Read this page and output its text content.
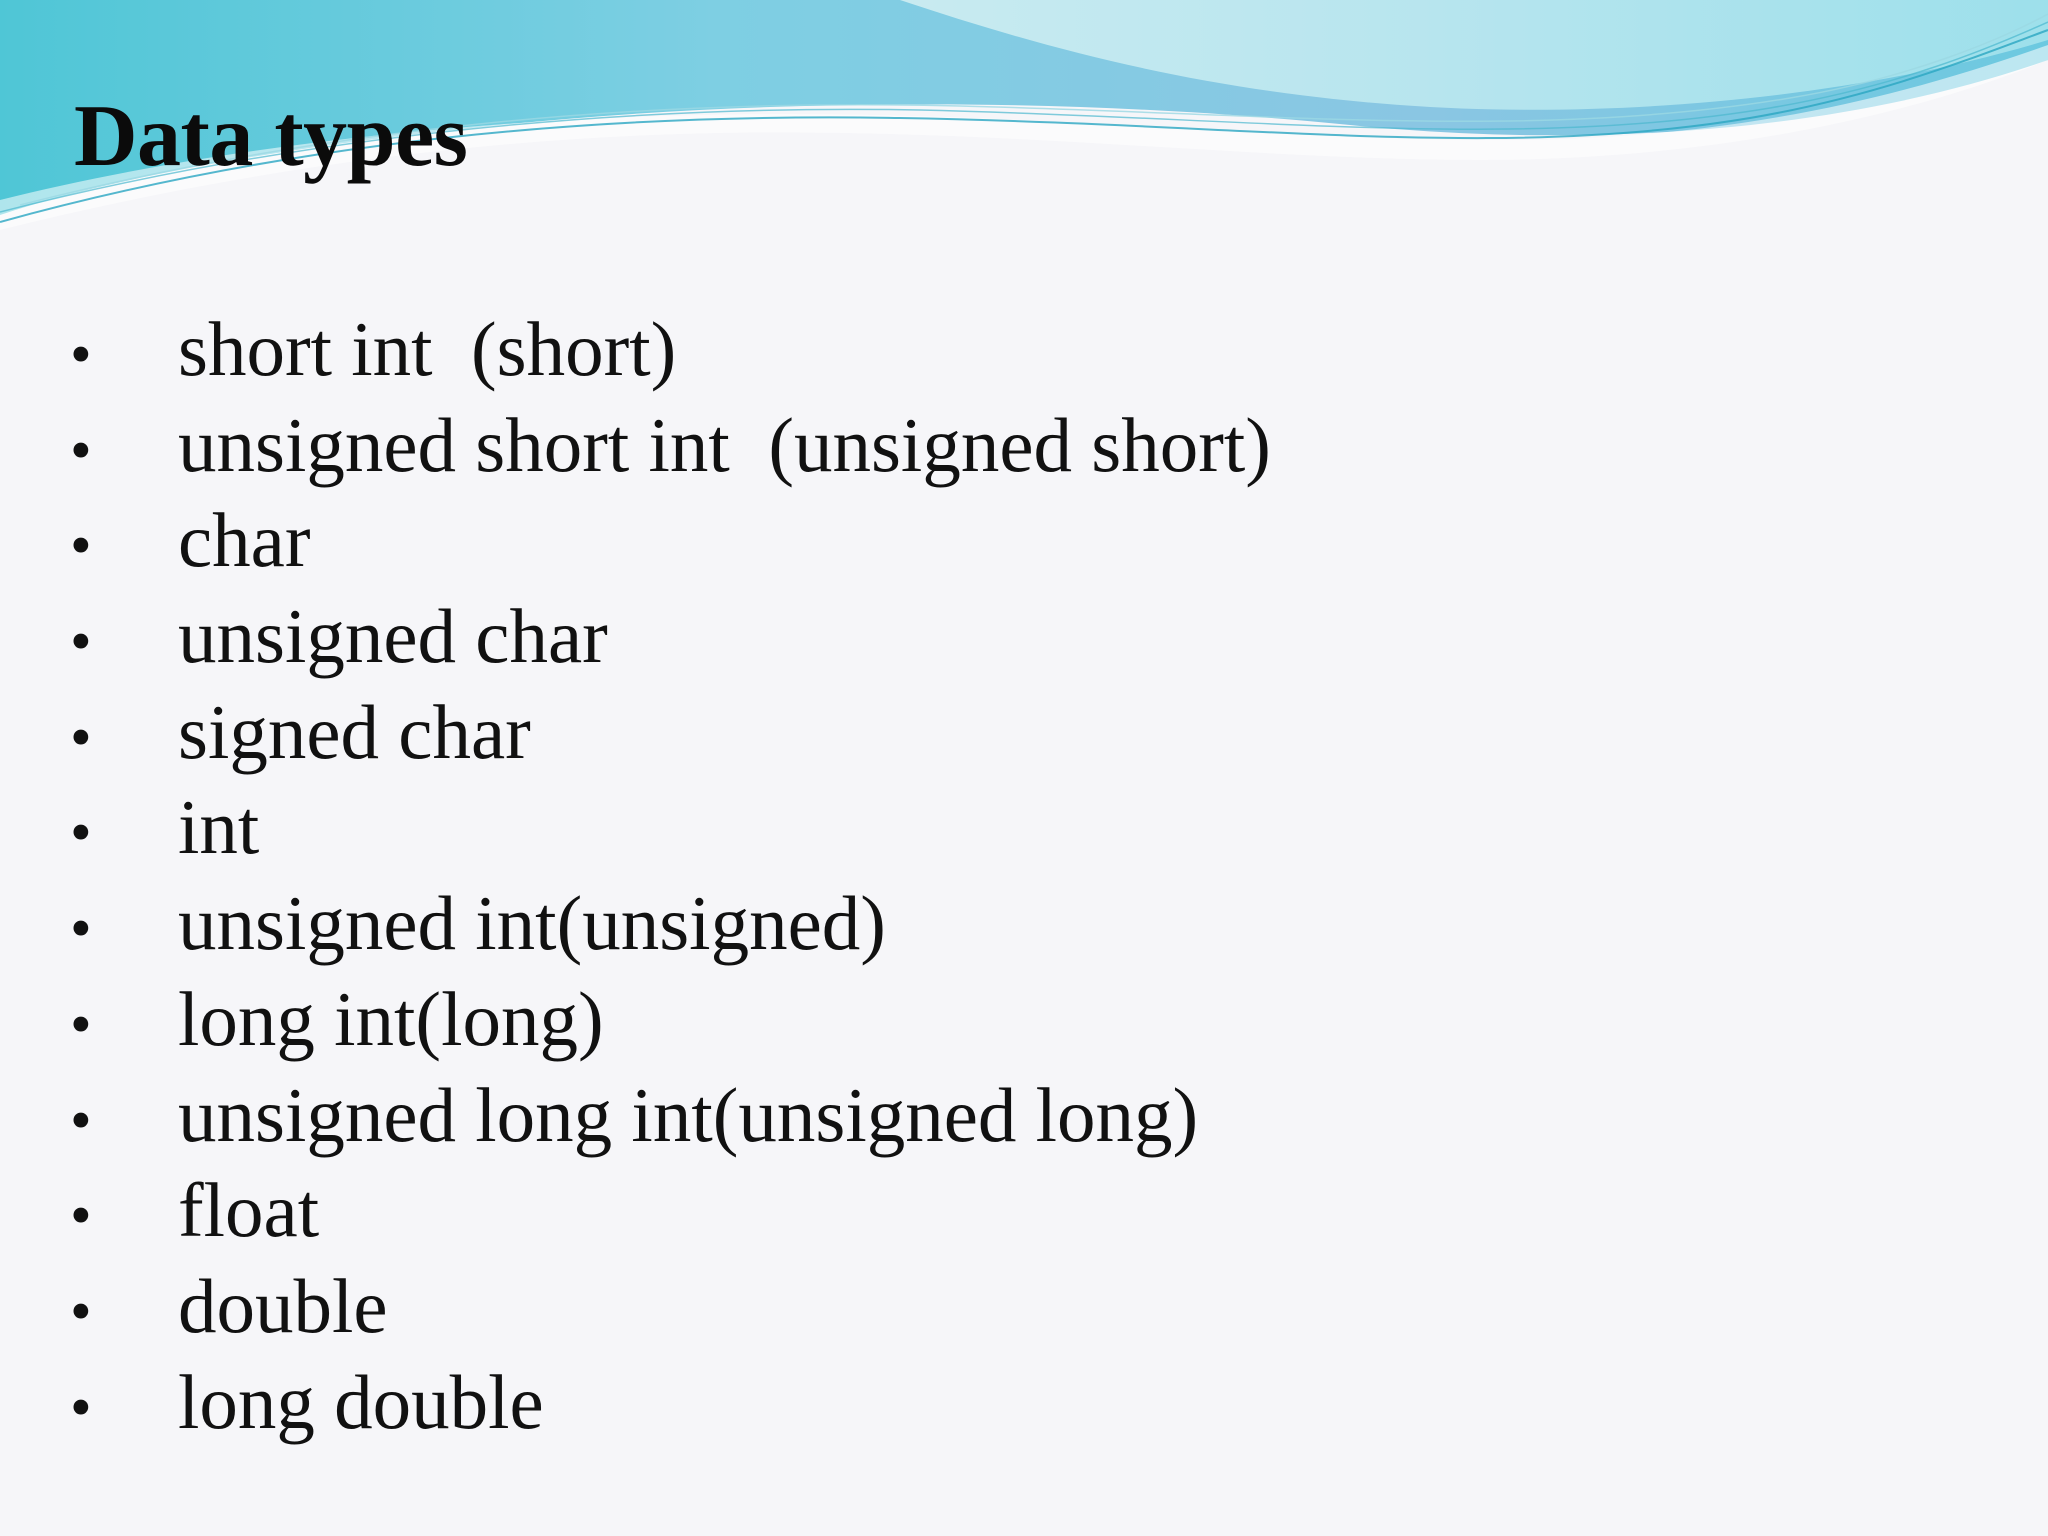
Data types
•	short int  (short)
•	unsigned short int  (unsigned short)
•	char
•	unsigned char
•	signed char
•	int
•	unsigned int(unsigned)
•	long int(long)
•	unsigned long int(unsigned long)
•	float
•	double
•	long double
